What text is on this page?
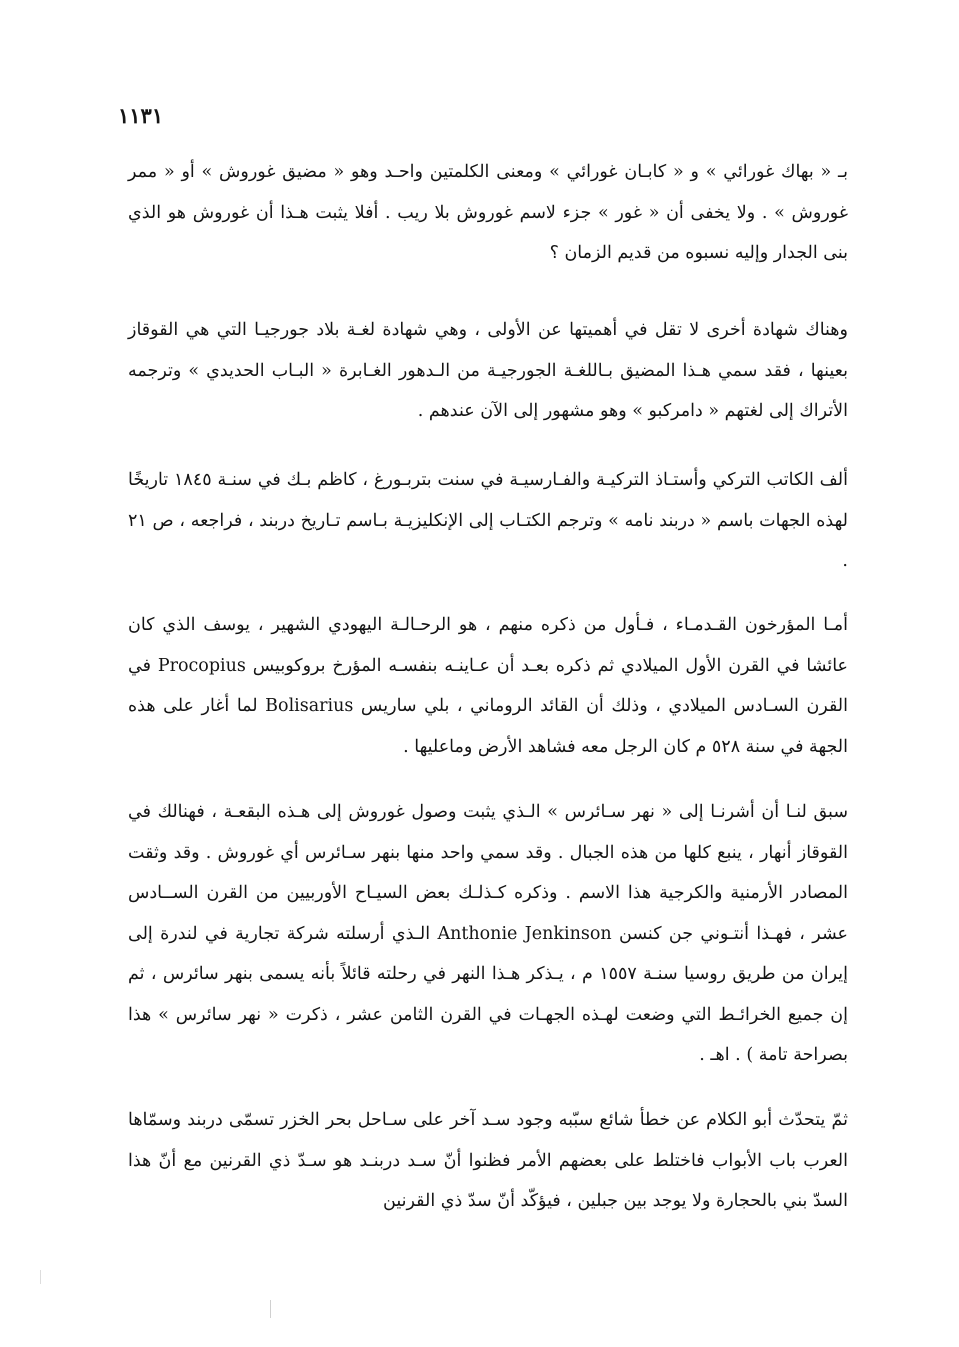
١١٣١

بـ « بهاك غورائي » و « كابـان غورائي » ومعنى الكلمتين واحـد وهو « مضيق غوروش » أو « ممر غوروش » . ولا يخفى أن « غور » جزء لاسم غوروش بلا ريب . أفلا يثبت هـذا أن غوروش هو الذي بنى الجدار وإليه نسبوه من قديم الزمان ؟

وهناك شهادة أخرى لا تقل في أهميتها عن الأولى ، وهي شهادة لغـة بلاد جورجيـا التي هي القوقاز بعينها ، فقد سمي هـذا المضيق بـاللغـة الجورجيـة من الـدهور الغـابرة « البـاب الحديدي » وترجمه الأتراك إلى لغتهم « دامركبو » وهو مشهور إلى الآن عندهم .

ألف الكاتب التركي وأستـاذ التركيـة والفـارسيـة في سنت بتربـورغ ، كاظم بـك في سنـة ١٨٤٥ تاريخًا لهذه الجهات باسم « دربند نامه » وترجم الكتـاب إلى الإنكليزيـة بـاسم تـاريخ دربند ، فراجعه ، ص ٢١ .

أمـا المؤرخون القـدمـاء ، فـأول من ذكره منهم ، هو الرحـالـة اليهودي الشهير ، يوسف الذي كان عائشا في القرن الأول الميلادي ثم ذكره بعـد أن عـاينـه بنفسـه المؤرخ بروكوبيس Procopius في القرن السـادس الميلادي ، وذلك أن القائد الروماني ، بلي ساريس Bolisarius لما أغار على هذه الجهة في سنة ٥٢٨ م كان الرجل معه فشاهد الأرض وماعليها .

سبق لنـا أن أشرنـا إلى « نهر سـائرس » الـذي يثبت وصول غوروش إلى هـذه البقعـة ، فهنالك في القوقاز أنهار ، ينبع كلها من هذه الجبال . وقد سمي واحد منها بنهر سـائرس أي غوروش . وقد وثقت المصادر الأرمنية والكرجية هذا الاسم . وذكره كـذلـك بعض السيـاح الأوربيين من القرن الســادس عشر ، فهـذا أنتـوني جن كنسن Anthonie Jenkinson الـذي أرسلته شركة تجارية في لندرة إلى إيران من طريق روسيا سنـة ١٥٥٧ م ، يـذكر هـذا النهر في رحلته قائلاً بأنه يسمى بنهر سائرس ، ثم إن جميع الخرائـط التي وضعت لهـذه الجهـات في القرن الثامن عشر ، ذكرت « نهر سائرس » هذا بصراحة تامة ) . اهـ .

ثمّ يتحدّث أبو الكلام عن خطأ شائع سبّبه وجود سـد آخر على سـاحل بحر الخزر تسمّى دربند وسمّاها العرب باب الأبواب فاختلط على بعضهم الأمر فظنوا أنّ سـد دربنـد هو سـدّ ذي القرنين مع أنّ هذا السدّ بني بالحجارة ولا يوجد بين جبلين ، فيؤكّد أنّ سدّ ذي القرنين
